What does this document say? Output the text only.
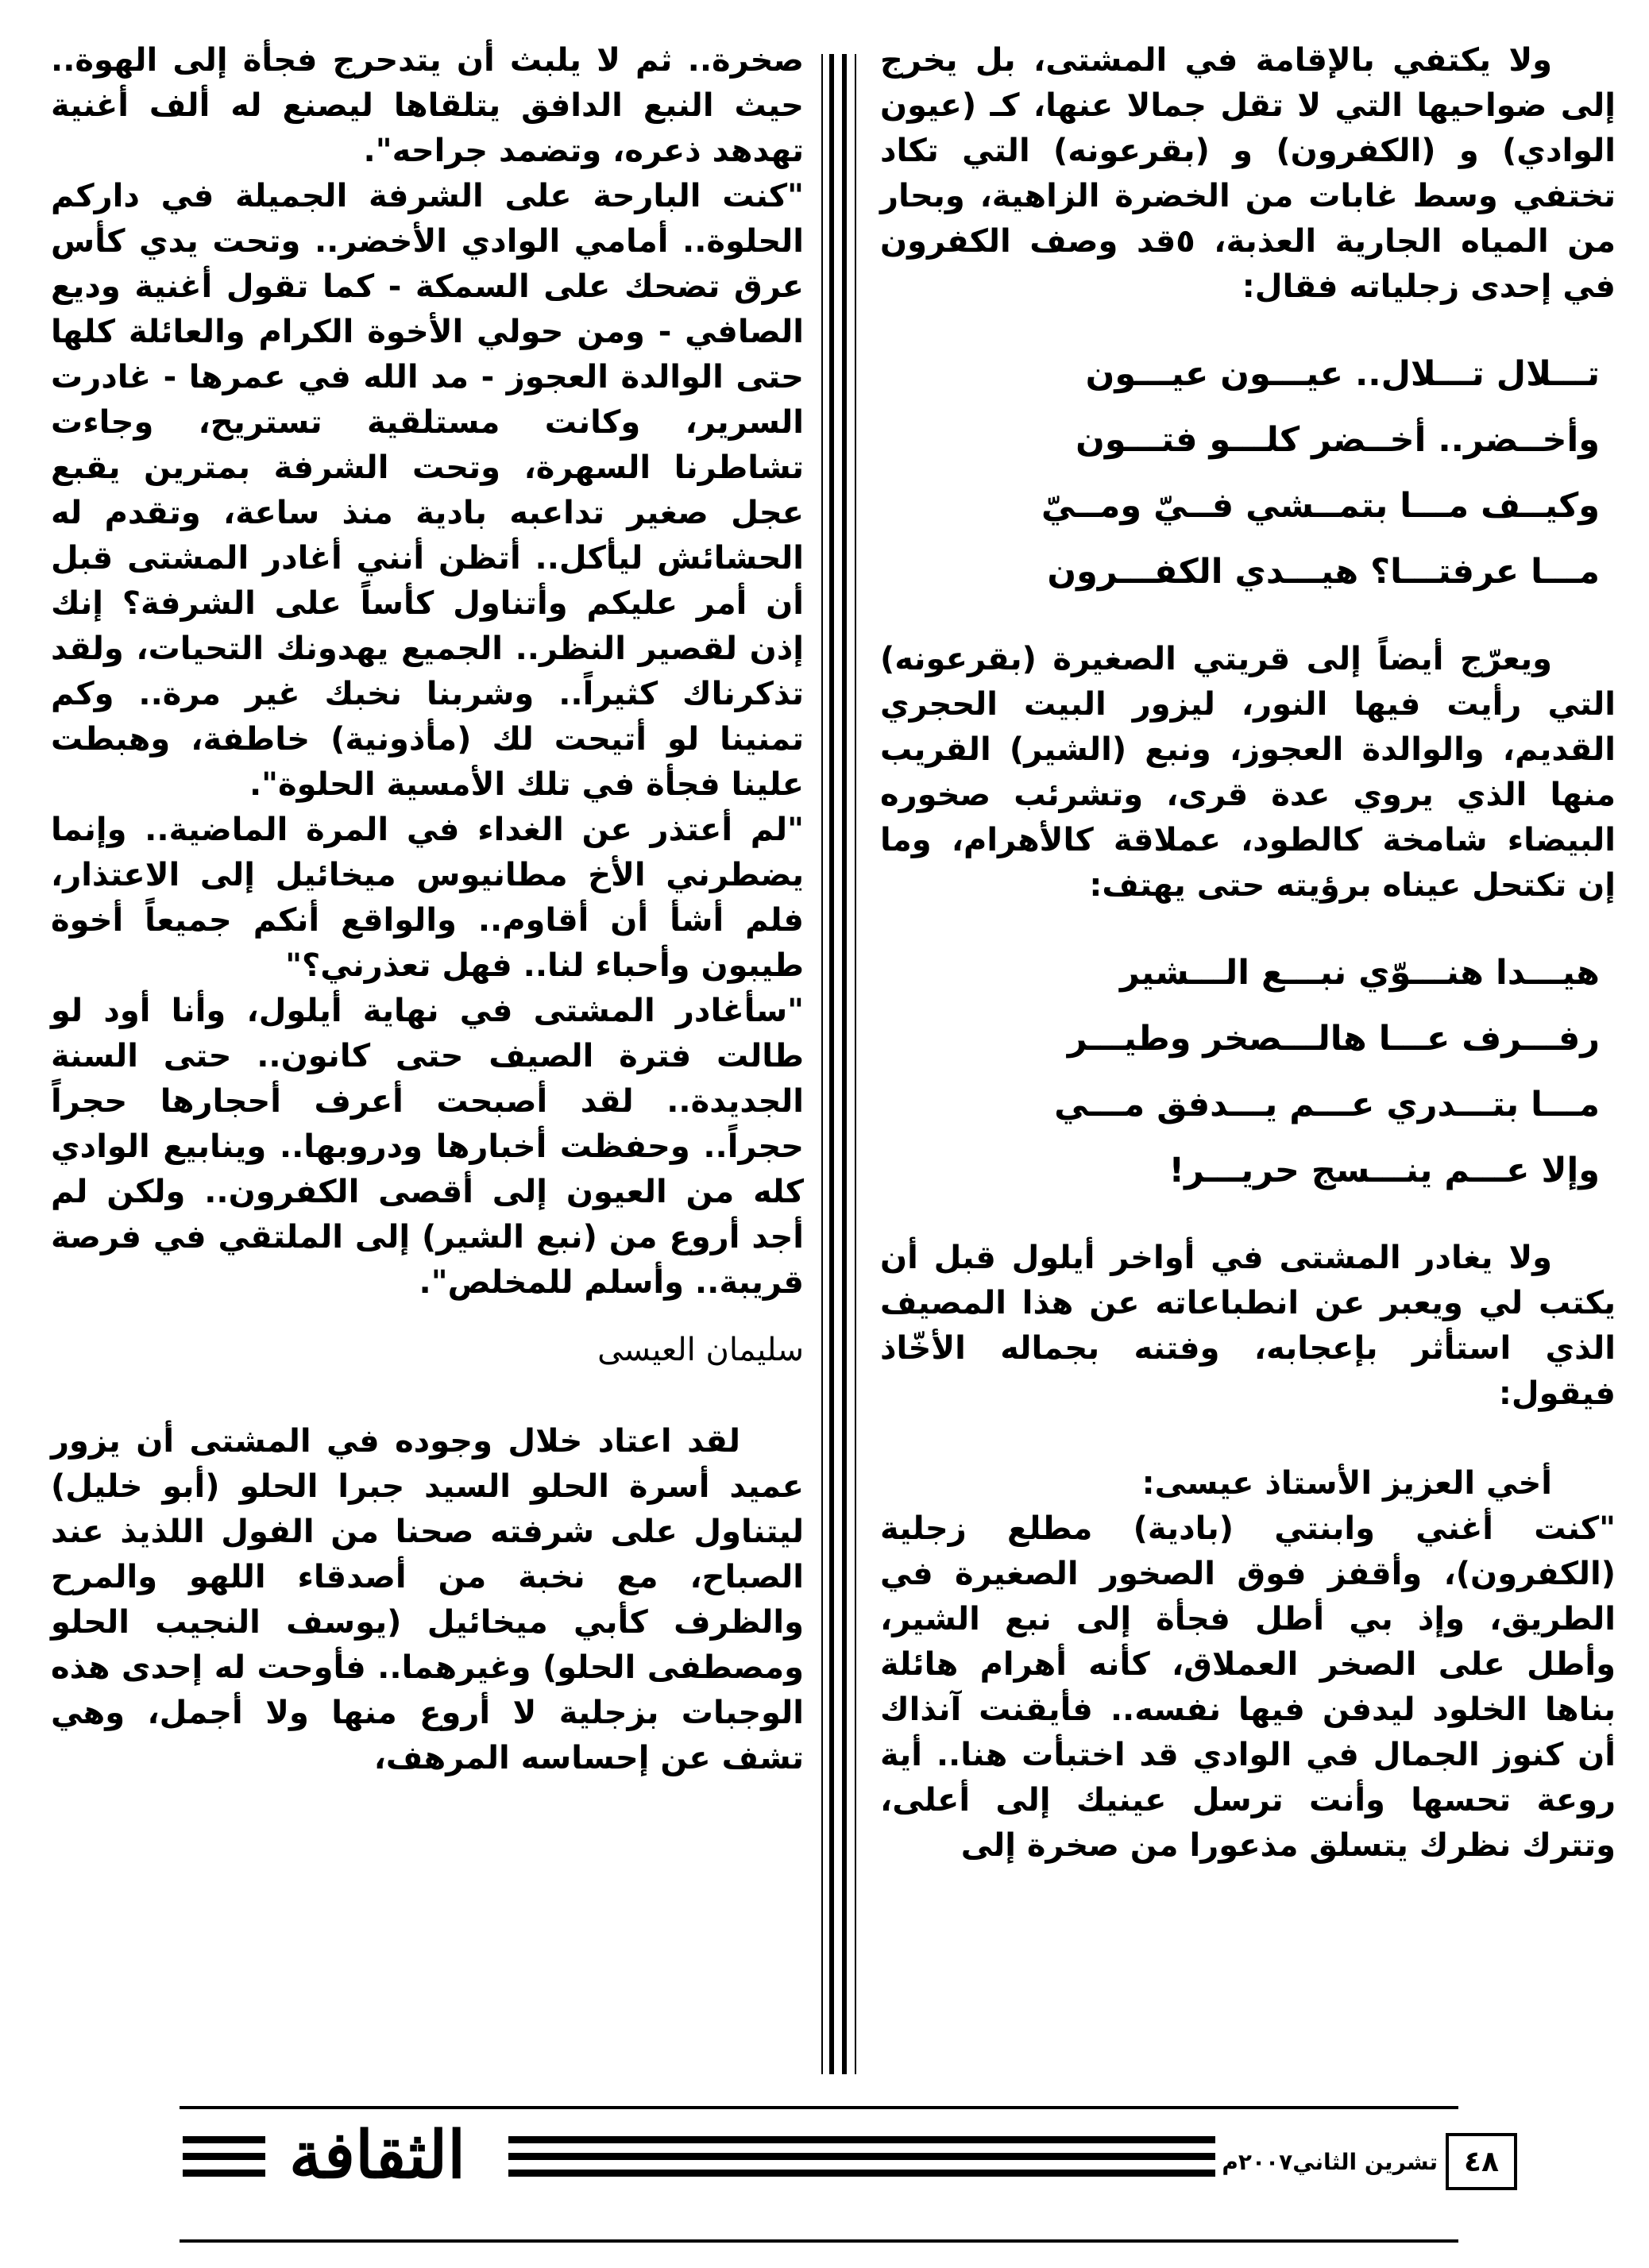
ولا يكتفي بالإقامة في المشتى، بل يخرج إلى ضواحيها التي لا تقل جمالا عنها، كـ (عيون الوادي) و (الكفرون) و (بقرعونه) التي تكاد تختفي وسط غابات من الخضرة الزاهية، وبحار من المياه الجارية العذبة، ٥قد وصف الكفرون في إحدى زجلياته فقال:

تـــلال تـــلال.. عيـــون عيـــون

وأخــضر.. أخــضر كلـــو فتـــون

وكيــف مـــا بتمــشي فــيّ ومــيّ

مـــا عرفتـــا؟ هيـــدي الكفـــرون

ويعرّج أيضاً إلى قريتي الصغيرة (بقرعونه) التي رأيت فيها النور، ليزور البيت الحجري القديم، والوالدة العجوز، ونبع (الشير) القريب منها الذي يروي عدة قرى، وتشرئب صخوره البيضاء شامخة كالطود، عملاقة كالأهرام، وما إن تكتحل عيناه برؤيته حتى يهتف:

هيـــدا هنـــوّي نبـــع الـــشير

رفـــرف عـــا هالـــصخر وطيـــر

مـــا بتـــدري عـــم يـــدفق مـــي

وإلا عـــم ينـــسج حريـــر!

ولا يغادر المشتى في أواخر أيلول قبل أن يكتب لي ويعبر عن انطباعاته عن هذا المصيف الذي استأثر بإعجابه، وفتنه بجماله الأخّاذ فيقول:

أخي العزيز الأستاذ عيسى:

"كنت أغني وابنتي (بادية) مطلع زجلية (الكفرون)، وأقفز فوق الصخور الصغيرة في الطريق، وإذ بي أطل فجأة إلى نبع الشير، وأطل على الصخر العملاق، كأنه أهرام هائلة بناها الخلود ليدفن فيها نفسه.. فأيقنت آنذاك أن كنوز الجمال في الوادي قد اختبأت هنا.. أية روعة تحسها وأنت ترسل عينيك إلى أعلى، وتترك نظرك يتسلق مذعورا من صخرة إلى

صخرة.. ثم لا يلبث أن يتدحرج فجأة إلى الهوة.. حيث النبع الدافق يتلقاها ليصنع له ألف أغنية تهدهد ذعره، وتضمد جراحه".

"كنت البارحة على الشرفة الجميلة في داركم الحلوة.. أمامي الوادي الأخضر.. وتحت يدي كأس عرق تضحك على السمكة - كما تقول أغنية وديع الصافي - ومن حولي الأخوة الكرام والعائلة كلها حتى الوالدة العجوز - مد الله في عمرها - غادرت السرير، وكانت مستلقية تستريح، وجاءت تشاطرنا السهرة، وتحت الشرفة بمترين يقبع عجل صغير تداعبه بادية منذ ساعة، وتقدم له الحشائش ليأكل.. أتظن أنني أغادر المشتى قبل أن أمر عليكم وأتناول كأساً على الشرفة؟ إنك إذن لقصير النظر.. الجميع يهدونك التحيات، ولقد تذكرناك كثيراً.. وشربنا نخبك غير مرة.. وكم تمنينا لو أتيحت لك (مأذونية) خاطفة، وهبطت علينا فجأة في تلك الأمسية الحلوة".

"لم أعتذر عن الغداء في المرة الماضية.. وإنما يضطرني الأخ مطانيوس ميخائيل إلى الاعتذار، فلم أشأ أن أقاوم.. والواقع أنكم جميعاً أخوة طيبون وأحباء لنا.. فهل تعذرني؟"

"سأغادر المشتى في نهاية أيلول، وأنا أود لو طالت فترة الصيف حتى كانون.. حتى السنة الجديدة.. لقد أصبحت أعرف أحجارها حجراً حجراً.. وحفظت أخبارها ودروبها.. وينابيع الوادي كله من العيون إلى أقصى الكفرون.. ولكن لم أجد أروع من (نبع الشير) إلى الملتقي في فرصة قريبة.. وأسلم للمخلص".

سليمان العيسى

لقد اعتاد خلال وجوده في المشتى أن يزور عميد أسرة الحلو السيد جبرا الحلو (أبو خليل) ليتناول على شرفته صحنا من الفول اللذيذ عند الصباح، مع نخبة من أصدقاء اللهو والمرح والظرف كأبي ميخائيل (يوسف النجيب الحلو ومصطفى الحلو) وغيرهما.. فأوحت له إحدى هذه الوجبات بزجلية لا أروع منها ولا أجمل، وهي تشف عن إحساسه المرهف،

٤٨
تشرين الثاني٢٠٠٧م
الثقافة
